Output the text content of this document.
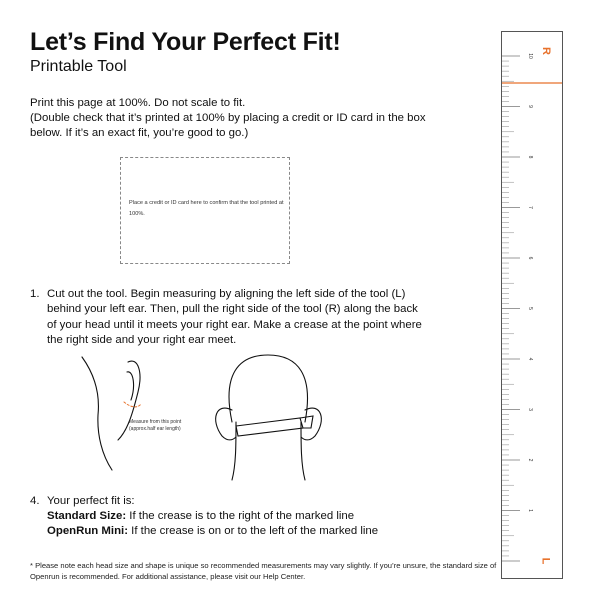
Let’s Find Your Perfect Fit!
Printable Tool
Print this page at 100%. Do not scale to fit.
(Double check that it’s printed at 100% by placing a credit or ID card in the box below. If it’s an exact fit, you’re good to go.)
Place a credit or ID card here to confirm that the tool printed at 100%.
1. Cut out the tool. Begin measuring by aligning the left side of the tool (L) behind your left ear. Then, pull the right side of the tool (R) along the back of your head until it meets your right ear. Make a crease at the point where the right side and your right ear meet.
Measure from this point (approx.half ear length)
4. Your perfect fit is:
Standard Size: If the crease is to the right of the marked line
OpenRun Mini: If the crease is on or to the left of the marked line
* Please note each head size and shape is unique so recommended measurements may vary slightly. If you’re unsure, the standard size of Openrun is recommended. For additional assistance, please visit our Help Center.
10
9
8
7
6
5
4
3
2
1
R
L
